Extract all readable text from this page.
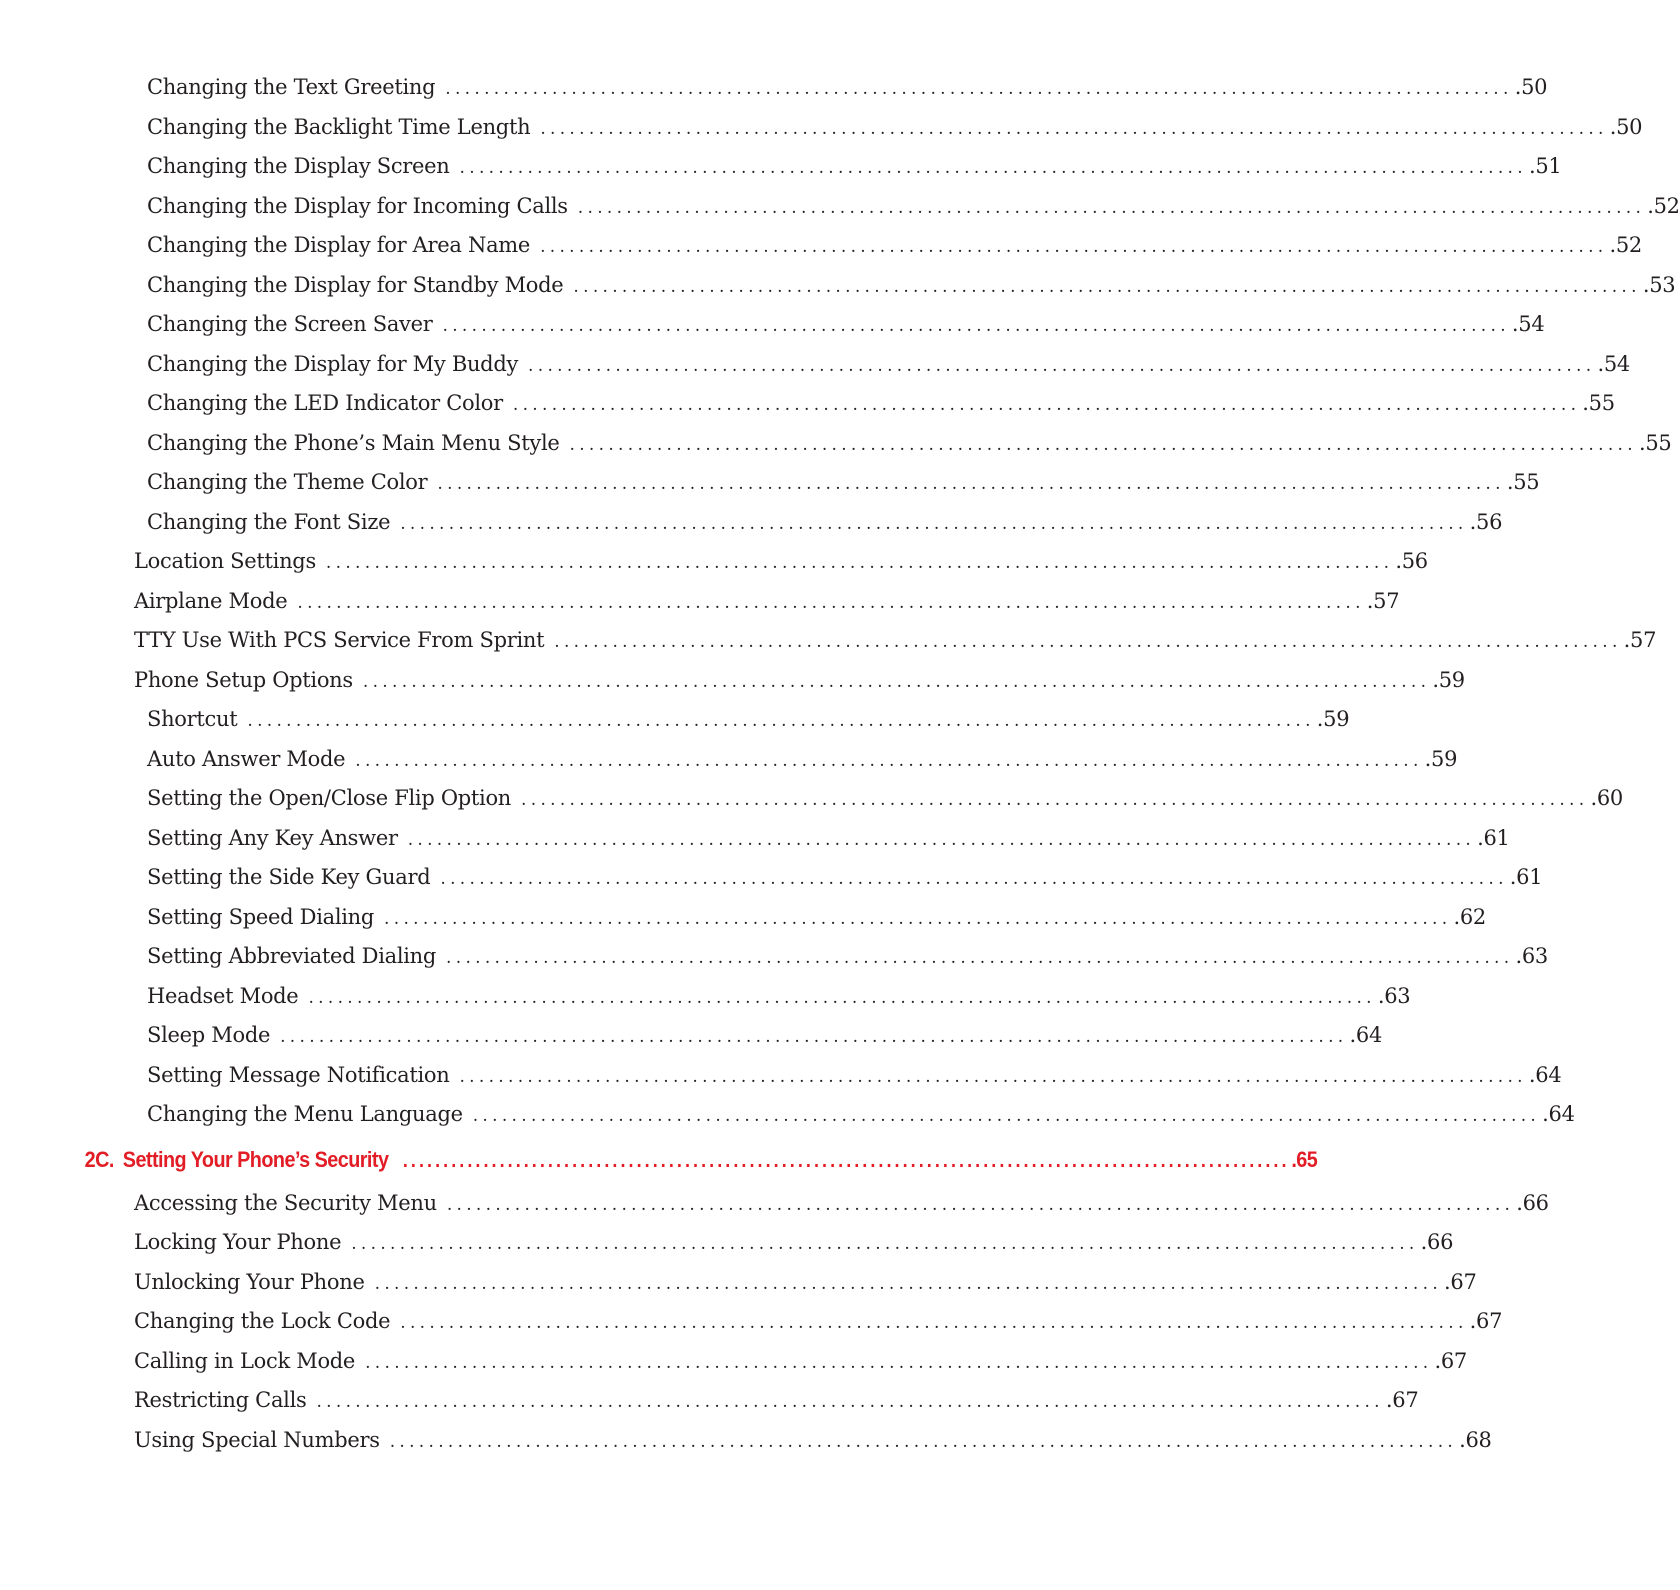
Changing the Text Greeting .............................................................................................................. .50
Changing the Backlight Time Length .............................................................................................................. .50
Changing the Display Screen .............................................................................................................. .51
Changing the Display for Incoming Calls .............................................................................................................. .52
Changing the Display for Area Name .............................................................................................................. .52
Changing the Display for Standby Mode .............................................................................................................. .53
Changing the Screen Saver .............................................................................................................. .54
Changing the Display for My Buddy .............................................................................................................. .54
Changing the LED Indicator Color .............................................................................................................. .55
Changing the Phone’s Main Menu Style .............................................................................................................. .55
Changing the Theme Color .............................................................................................................. .55
Changing the Font Size .............................................................................................................. .56
Location Settings .............................................................................................................. .56
Airplane Mode .............................................................................................................. .57
TTY Use With PCS Service From Sprint .............................................................................................................. .57
Phone Setup Options .............................................................................................................. .59
Shortcut .............................................................................................................. .59
Auto Answer Mode .............................................................................................................. .59
Setting the Open/Close Flip Option .............................................................................................................. .60
Setting Any Key Answer .............................................................................................................. .61
Setting the Side Key Guard .............................................................................................................. .61
Setting Speed Dialing .............................................................................................................. .62
Setting Abbreviated Dialing .............................................................................................................. .63
Headset Mode .............................................................................................................. .63
Sleep Mode .............................................................................................................. .64
Setting Message Notification .............................................................................................................. .64
Changing the Menu Language .............................................................................................................. .64
2C. Setting Your Phone’s Security .............................................................................................................. .65
Accessing the Security Menu .............................................................................................................. .66
Locking Your Phone .............................................................................................................. .66
Unlocking Your Phone .............................................................................................................. .67
Changing the Lock Code .............................................................................................................. .67
Calling in Lock Mode .............................................................................................................. .67
Restricting Calls .............................................................................................................. .67
Using Special Numbers .............................................................................................................. .68
